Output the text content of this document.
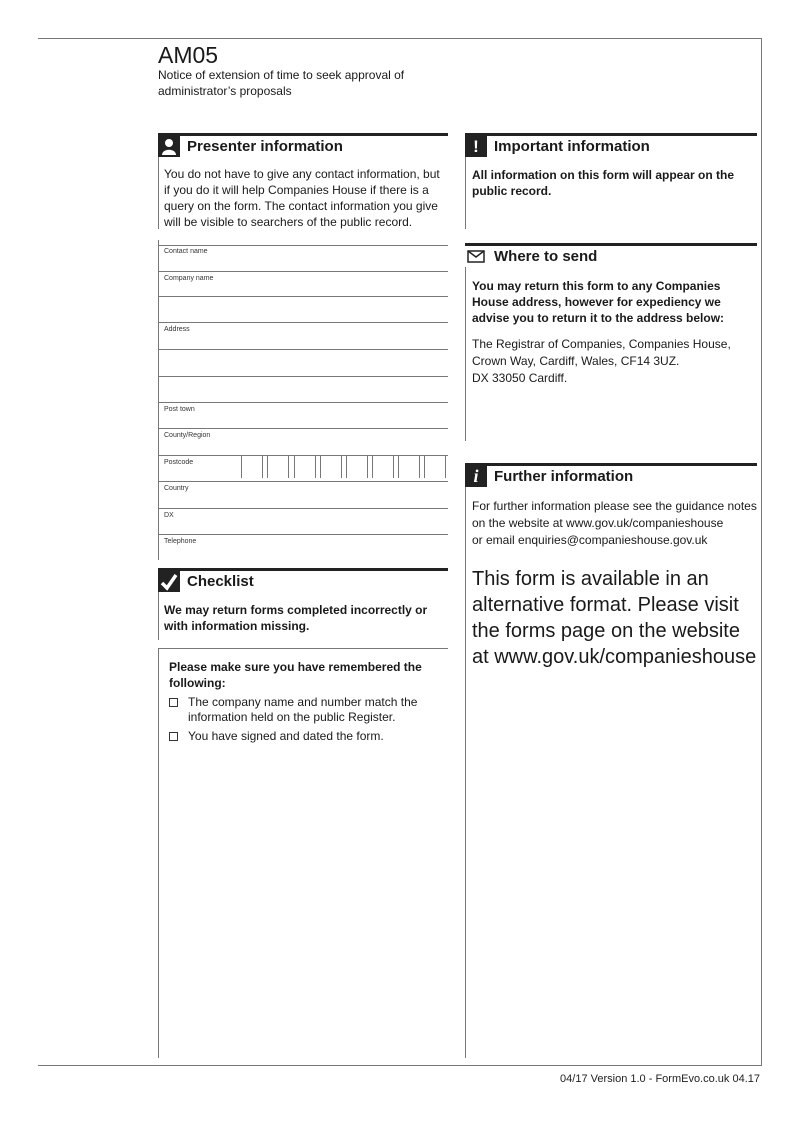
AM05
Notice of extension of time to seek approval of administrator’s proposals
Presenter information
You do not have to give any contact information, but if you do it will help Companies House if there is a query on the form. The contact information you give will be visible to searchers of the public record.
Contact name
Company name
Address
Post town
County/Region
Postcode
Country
DX
Telephone
Checklist
We may return forms completed incorrectly or with information missing.
Please make sure you have remembered the following:
The company name and number match the information held on the public Register.
You have signed and dated the form.
!	Important information
All information on this form will appear on the public record.
Where to send
You may return this form to any Companies House address, however for expediency we advise you to return it to the address below:
The Registrar of Companies, Companies House,
Crown Way, Cardiff, Wales, CF14 3UZ.
DX 33050 Cardiff.
i	Further information
For further information please see the guidance notes
on the website at www.gov.uk/companieshouse
or email enquiries@companieshouse.gov.uk
This form is available in an alternative format. Please visit the forms page on the website at www.gov.uk/companieshouse
04/17 Version 1.0 - FormEvo.co.uk 04.17
